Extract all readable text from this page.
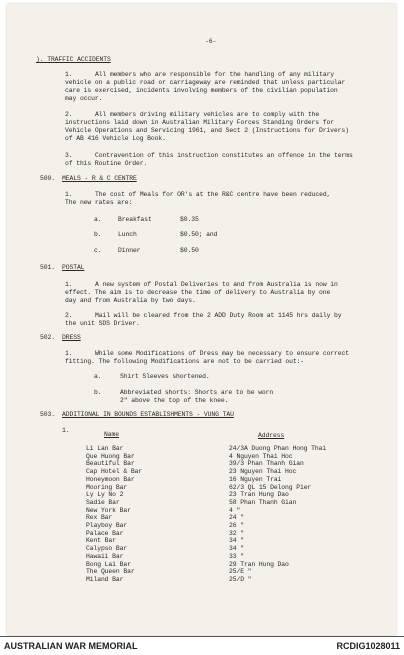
-6-
). TRAFFIC ACCIDENTS
1.	All members who are responsible for the handling of any military
vehicle on a public road or carriageway are reminded that unless particular
care is exercised, incidents involving members of the civilian population
may occur.
2.	All members driving military vehicles are to comply with the
instructions laid down in Australian Military Forces Standing Orders for
Vehicle Operations and Servicing 1961, and Sect 2 (Instructions for Drivers)
of AB 416 Vehicle Log Book.
3.	Contravention of this instruction constitutes an offence in the terms
of this Routine Order.
500. MEALS - R & C CENTRE
1.	The cost of Meals for OR's at the R&C centre have been reduced,
The new rates are:
a.	Breakfast	$0.35
b.	Lunch	$0.50; and
c.	Dinner	$0.50
501. POSTAL
1.	A new system of Postal Deliveries to and from Australia is now in
effect. The aim is to decrease the time of delivery to Australia by one
day and from Australia by two days.
2.	Mail will be cleared from the 2 ADD Duty Room at 1145 hrs daily by
the unit SDS Driver.
502. DRESS
1.	While some Modifications of Dress may be necessary to ensure correct
fitting. The following Modifications are not to be carried out:-
a.	Shirt Sleeves shortened.
b.	Abbreviated shorts: Shorts are to be worn
2" above the top of the knee.
503. ADDITIONAL IN BOUNDS ESTABLISHMENTS - VUNG TAU
1.
Name	Address
Li Lan Bar	24/3A Duong Phan Hong Thai
Que Huong Bar	4 Nguyen Thai Hoc
Beautiful Bar	39/3 Phan Thanh Gian
Cap Hotel & Bar	23 Nguyen Thai Hoc
Honeymoon Bar	16 Nguyen Trai
Mooring Bar	62/3 QL 15 Delong Pier
Ly Ly No 2	23 Tran Hung Dao
Sadie Bar	58 Phan Thanh Gian
New York Bar	4 "
Rex Bar	24 "
Playboy Bar	26 "
Palace Bar	32 "
Kent Bar	34 "
Calypso Bar	34 "
Hawaii Bar	33 "
Bong Lai Bar	29 Tran Hung Dao
The Queen Bar	25/E "
Miland Bar	25/D "
AUSTRALIAN WAR MEMORIAL	RCDIG1028011
